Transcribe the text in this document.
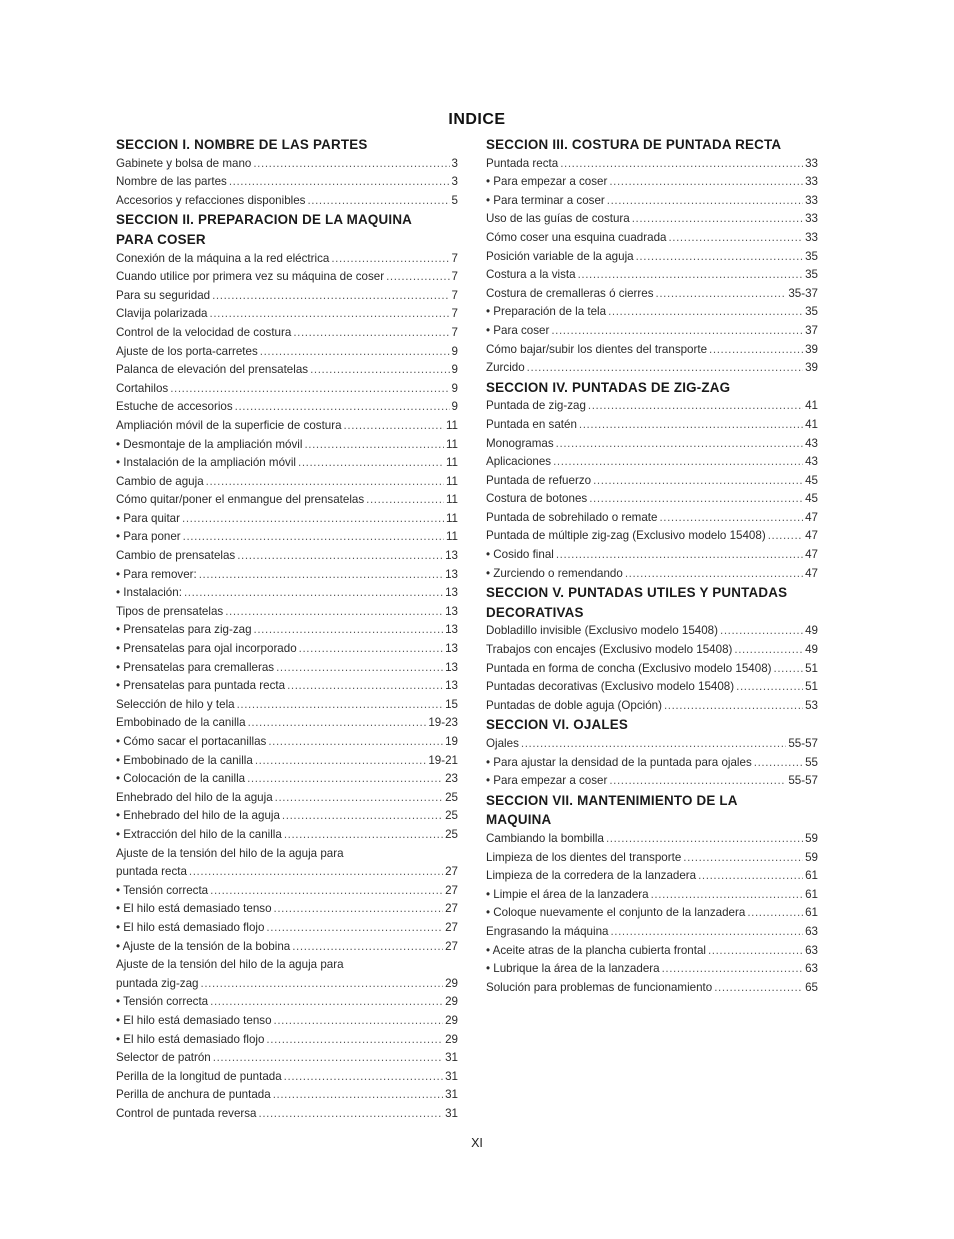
INDICE
SECCION I. NOMBRE DE LAS PARTES
Gabinete y bolsa de mano .....	3
Nombre de las partes .....	3
Accesorios y refacciones disponibles .....	5
SECCION II. PREPARACION DE LA MAQUINA
PARA COSER
Conexión de la máquina a la red eléctrica .....	7
Cuando utilice por primera vez su máquina de coser .....	7
Para su seguridad .....	7
Clavija polarizada .....	7
Control de la velocidad de costura .....	7
Ajuste de los porta-carretes .....	9
Palanca de elevación del prensatelas .....	9
Cortahilos .....	9
Estuche de accesorios .....	9
Ampliación móvil de la superficie de costura .....	11
• Desmontaje de la ampliación móvil .....	11
• Instalación de la ampliación móvil .....	11
Cambio de aguja .....	11
Cómo quitar/poner el enmangue del prensatelas .....	11
• Para quitar .....	11
• Para poner .....	11
Cambio de prensatelas .....	13
• Para remover: .....	13
• Instalación: .....	13
Tipos de prensatelas .....	13
• Prensatelas para zig-zag .....	13
• Prensatelas para ojal incorporado .....	13
• Prensatelas para cremalleras .....	13
• Prensatelas para puntada recta .....	13
Selección de hilo y tela .....	15
Embobinado de la canilla .....	19-23
• Cómo sacar el portacanillas .....	19
• Embobinado de la canilla .....	19-21
• Colocación de la canilla .....	23
Enhebrado del hilo de la aguja .....	25
• Enhebrado del hilo de la aguja .....	25
• Extracción del hilo de la canilla .....	25
Ajuste de la tensión del hilo de la aguja para
puntada recta .....	27
• Tensión correcta .....	27
• El hilo está demasiado tenso .....	27
• El hilo está demasiado flojo .....	27
• Ajuste de la tensión de la bobina .....	27
Ajuste de la tensión del hilo de la aguja para
puntada zig-zag .....	29
• Tensión correcta .....	29
• El hilo está demasiado tenso .....	29
• El hilo está demasiado flojo .....	29
Selector de patrón .....	31
Perilla de la longitud de puntada .....	31
Perilla de anchura de puntada .....	31
Control de puntada reversa .....	31
SECCION III. COSTURA DE PUNTADA RECTA
Puntada recta .....	33
• Para empezar a coser .....	33
• Para terminar a coser .....	33
Uso de las guías de costura .....	33
Cómo coser una esquina cuadrada .....	33
Posición variable de la aguja .....	35
Costura a la vista .....	35
Costura de cremalleras ó cierres .....	35-37
• Preparación de la tela .....	35
• Para coser .....	37
Cómo bajar/subir los dientes del transporte .....	39
Zurcido .....	39
SECCION IV. PUNTADAS DE ZIG-ZAG
Puntada de zig-zag .....	41
Puntada en satén .....	41
Monogramas .....	43
Aplicaciones .....	43
Puntada de refuerzo .....	45
Costura de botones .....	45
Puntada de sobrehilado o remate .....	47
Puntada de múltiple zig-zag (Exclusivo modelo 15408) .....	47
• Cosido final .....	47
• Zurciendo o remendando .....	47
SECCION V. PUNTADAS UTILES Y PUNTADAS
DECORATIVAS
Dobladillo invisible (Exclusivo modelo 15408) .....	49
Trabajos con encajes (Exclusivo modelo 15408) .....	49
Puntada en forma de concha (Exclusivo modelo 15408) .....	51
Puntadas decorativas (Exclusivo modelo 15408) .....	51
Puntadas de doble aguja (Opción) .....	53
SECCION VI. OJALES
Ojales .....	55-57
• Para ajustar la densidad de la puntada para ojales .....	55
• Para empezar a coser .....	55-57
SECCION VII. MANTENIMIENTO DE LA
MAQUINA
Cambiando la bombilla .....	59
Limpieza de los dientes del transporte .....	59
Limpieza de la corredera de la lanzadera .....	61
• Limpie el área de la lanzadera .....	61
• Coloque nuevamente el conjunto de la lanzadera .....	61
Engrasando la máquina .....	63
• Aceite atras de la plancha cubierta frontal .....	63
• Lubrique la área de la lanzadera .....	63
Solución para problemas de funcionamiento .....	65
XI
